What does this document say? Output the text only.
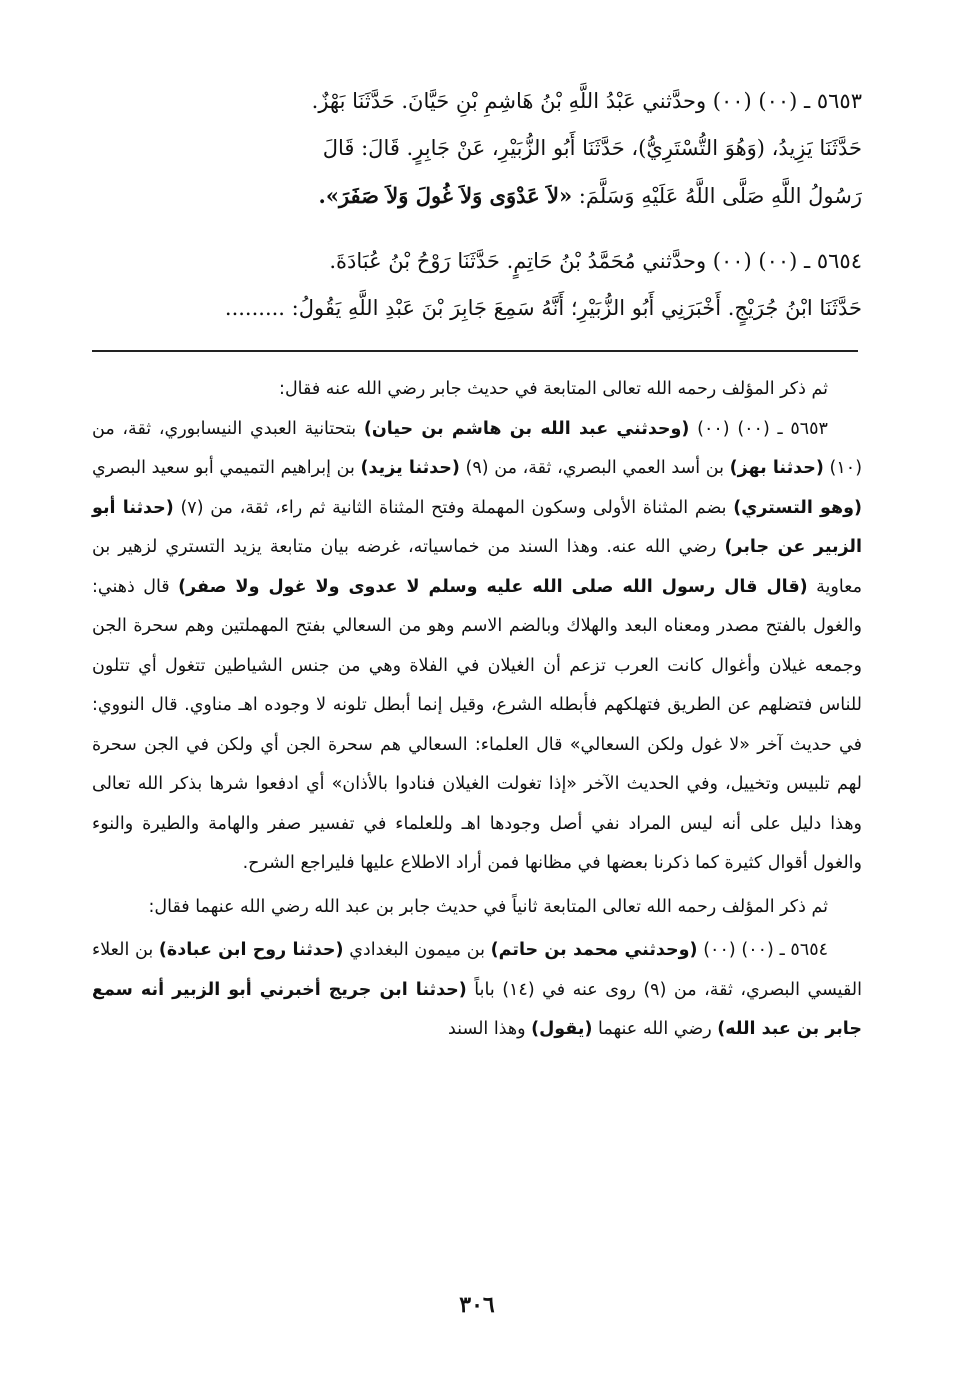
٥٦٥٣ ـ (٠٠) (٠٠) وحدَّثني عَبْدُ اللَّهِ بْنُ هَاشِمِ بْنِ حَيَّانَ. حَدَّثَنَا بَهْزٌ.
حَدَّثَنَا يَزِيدُ، (وَهُوَ التُّسْتَرِيُّ)، حَدَّثَنَا أَبُو الزُّبَيْرِ، عَنْ جَابِرٍ. قَالَ: قَالَ
رَسُولُ اللَّهِ صَلَّى اللَّهُ عَلَيْهِ وَسَلَّمَ: «لاَ عَدْوَى وَلاَ غُولَ وَلاَ صَفَرَ».
٥٦٥٤ ـ (٠٠) (٠٠) وحدَّثني مُحَمَّدُ بْنُ حَاتِمٍ. حَدَّثَنَا رَوْحُ بْنُ عُبَادَةَ.
حَدَّثَنَا ابْنُ جُرَيْجٍ. أَخْبَرَنِي أَبُو الزُّبَيْرِ؛ أَنَّهُ سَمِعَ جَابِرَ بْنَ عَبْدِ اللَّهِ يَقُولُ: .........

ثم ذكر المؤلف رحمه الله تعالى المتابعة في حديث جابر رضي الله عنه فقال:

٥٦٥٣ ـ (٠٠) (٠٠) (وحدثني عبد الله بن هاشم بن حيان) بتحتانية العبدي النيسابوري، ثقة، من (١٠) (حدثنا بهز) بن أسد العمي البصري، ثقة، من (٩) (حدثنا يزيد) بن إبراهيم التميمي أبو سعيد البصري (وهو التستري) بضم المثناة الأولى وسكون المهملة وفتح المثناة الثانية ثم راء، ثقة، من (٧) (حدثنا أبو الزبير عن جابر) رضي الله عنه. وهذا السند من خماسياته، غرضه بيان متابعة يزيد التستري لزهير بن معاوية (قال قال رسول الله صلى الله عليه وسلم لا عدوى ولا غول ولا صفر) قال ذهني: والغول بالفتح مصدر ومعناه البعد والهلاك وبالضم الاسم وهو من السعالي بفتح المهملتين وهم سحرة الجن وجمعه غيلان وأغوال كانت العرب تزعم أن الغيلان في الفلاة وهي من جنس الشياطين تتغول أي تتلون للناس فتضلهم عن الطريق فتهلكهم فأبطله الشرع، وقيل إنما أبطل تلونه لا وجوده اهـ مناوي. قال النووي: في حديث آخر «لا غول ولكن السعالي» قال العلماء: السعالي هم سحرة الجن أي ولكن في الجن سحرة لهم تلبيس وتخييل، وفي الحديث الآخر «إذا تغولت الغيلان فنادوا بالأذان» أي ادفعوا شرها بذكر الله تعالى وهذا دليل على أنه ليس المراد نفي أصل وجودها اهـ وللعلماء في تفسير صفر والهامة والطيرة والنوء والغول أقوال كثيرة كما ذكرنا بعضها في مظانها فمن أراد الاطلاع عليها فليراجع الشرح.

ثم ذكر المؤلف رحمه الله تعالى المتابعة ثانياً في حديث جابر بن عبد الله رضي الله عنهما فقال:

٥٦٥٤ ـ (٠٠) (٠٠) (وحدثني محمد بن حاتم) بن ميمون البغدادي (حدثنا روح ابن عبادة) بن العلاء القيسي البصري، ثقة، من (٩) روى عنه في (١٤) باباً (حدثنا ابن جريج أخبرني أبو الزبير أنه سمع جابر بن عبد الله) رضي الله عنهما (يقول) وهذا السند

٣٠٦
